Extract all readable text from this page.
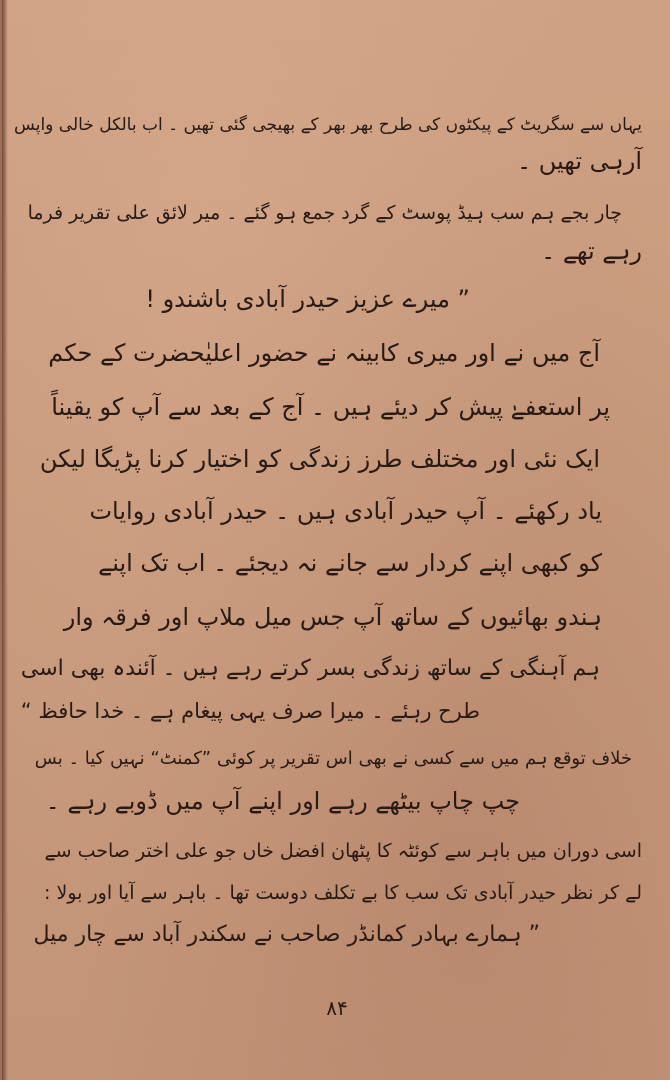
یہاں سے سگریٹ کے پیکٹوں کی طرح بھر بھر کے بھیجی گئی تھیں ۔ اب بالکل خالی واپس
آرہی تھیں ۔
چار بجے ہم سب ہیڈ پوسٹ کے گرد جمع ہو گئے ۔ میر لائق علی تقریر فرما
رہے تھے ۔
” میرے عزیز حیدر آبادی باشندو !
آج میں نے اور میری کابینہ نے حضور اعلیٰحضرت کے حکم
پر استعفےٰ پیش کر دیئے ہیں ۔ آج کے بعد سے آپ کو یقیناً
ایک نئی اور مختلف طرز زندگی کو اختیار کرنا پڑیگا لیکن
یاد رکھئے ۔ آپ حیدر آبادی ہیں ۔ حیدر آبادی روایات
کو کبھی اپنے کردار سے جانے نہ دیجئے ۔ اب تک اپنے
ہندو بھائیوں کے ساتھ آپ جس میل ملاپ اور فرقہ وار
ہم آہنگی کے ساتھ زندگی بسر کرتے رہے ہیں ۔ آئندہ بھی اسی
طرح رہئے ۔ میرا صرف یہی پیغام ہے ۔ خدا حافظ “
خلاف توقع ہم میں سے کسی نے بھی اس تقریر پر کوئی ”کمنٹ“ نہیں کیا ۔ بس
چپ چاپ بیٹھے رہے اور اپنے آپ میں ڈوبے رہے ۔
اسی دوران میں باہر سے کوئٹہ کا پٹھان افضل خاں جو علی اختر صاحب سے
لے کر نظر حیدر آبادی تک سب کا بے تکلف دوست تھا ۔ باہر سے آیا اور بولا :
” ہمارے بہادر کمانڈر صاحب نے سکندر آباد سے چار میل
۸۴
